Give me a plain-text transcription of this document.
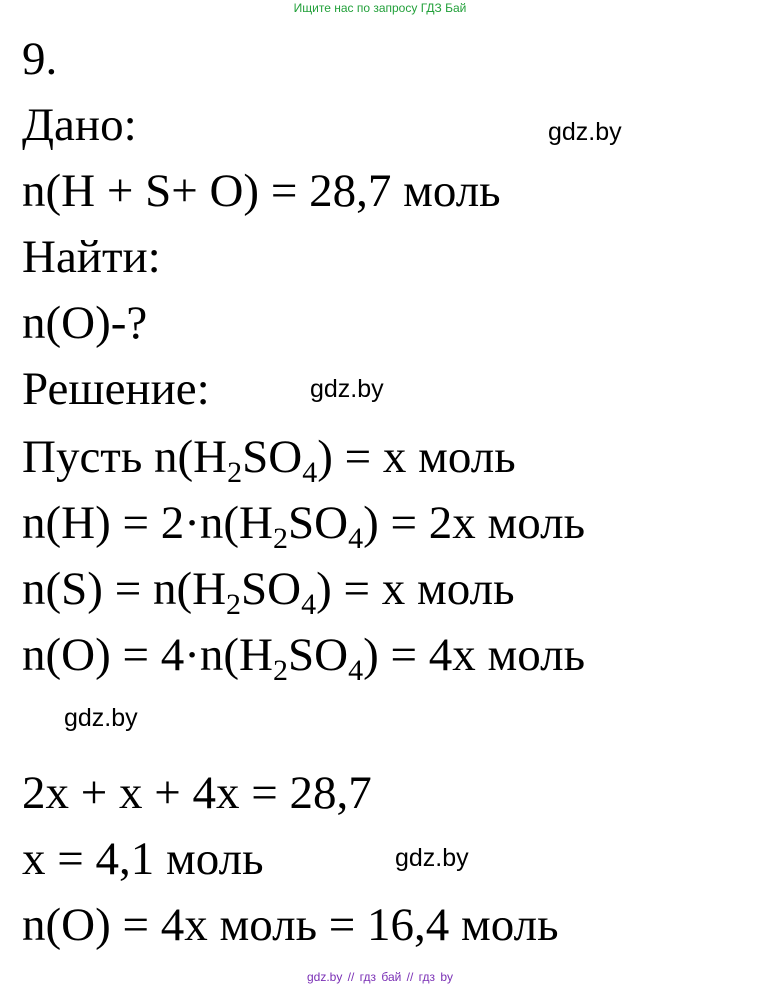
Ищите нас по запросу ГДЗ Бай
9.
Дано:	gdz.by
n(H + S+ O) = 28,7 моль
Найти:
n(O)-?
Решение:	gdz.by
Пусть $n(H_2SO_4) = x$ моль
$n(H) = 2\cdot n(H_2SO_4) = 2x$ моль
$n(S) = n(H_2SO_4) = x$ моль
$n(O) = 4\cdot n(H_2SO_4) = 4x$ моль
gdz.by
2x + x + 4x = 28,7
x = 4,1 моль	gdz.by
n(O) = 4x моль = 16,4 моль
gdz.by // гдз бай // гдз by
